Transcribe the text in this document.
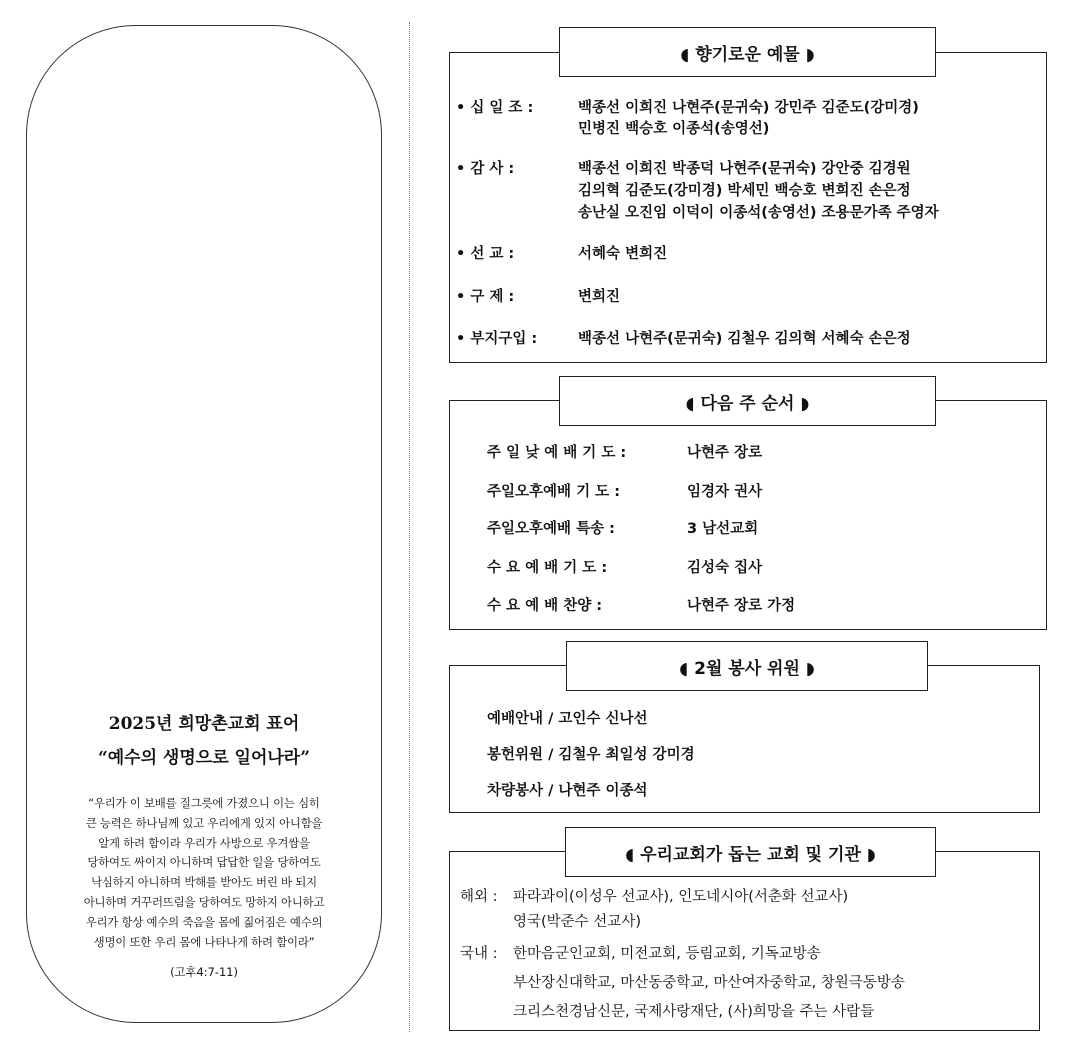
2025년 희망촌교회 표어
“예수의 생명으로 일어나라”
“우리가 이 보배를 질그릇에 가졌으니 이는 심히
큰 능력은 하나님께 있고 우리에게 있지 아니함을
알게 하려 함이라 우리가 사방으로 우겨쌈을
당하여도 싸이지 아니하며 답답한 일을 당하여도
낙심하지 아니하며 박해를 받아도 버린 바 되지
아니하며 거꾸러뜨림을 당하여도 망하지 아니하고
우리가 항상 예수의 죽음을 몸에 짊어짐은 예수의
생명이 또한 우리 몸에 나타나게 하려 함이라”
(고후4:7-11)
◖ 향기로운 예물 ◗
• 십 일 조 :	백종선 이희진 나현주(문귀숙) 강민주 김준도(강미경)
민병진 백승호 이종석(송영선)
• 감 사 :	백종선 이희진 박종덕 나현주(문귀숙) 강안중 김경원
김의혁 김준도(강미경) 박세민 백승호 변희진 손은정
송난실 오진임 이덕이 이종석(송영선) 조용문가족 주영자
• 선 교 :	서혜숙 변희진
• 구 제 :	변희진
• 부지구입 :	백종선 나현주(문귀숙) 김철우 김의혁 서혜숙 손은정
◖ 다음 주 순서 ◗
주 일 낮 예 배 기 도 :	나현주 장로
주일오후예배 기 도 :	임경자 권사
주일오후예배 특송 :	3 남선교회
수 요 예 배 기 도 :	김성숙 집사
수 요 예 배 찬양 :	나현주 장로 가정
◖ 2월 봉사 위원 ◗
예배안내 / 고인수 신나선
봉헌위원 / 김철우 최일성 강미경
차량봉사 / 나현주 이종석
◖ 우리교회가 돕는 교회 및 기관 ◗
해외 : 파라과이(이성우 선교사), 인도네시아(서춘화 선교사)
영국(박준수 선교사)
국내 : 한마음군인교회, 미전교회, 등림교회, 기독교방송
부산장신대학교, 마산동중학교, 마산여자중학교, 창원극동방송
크리스천경남신문, 국제사랑재단, (사)희망을 주는 사람들
